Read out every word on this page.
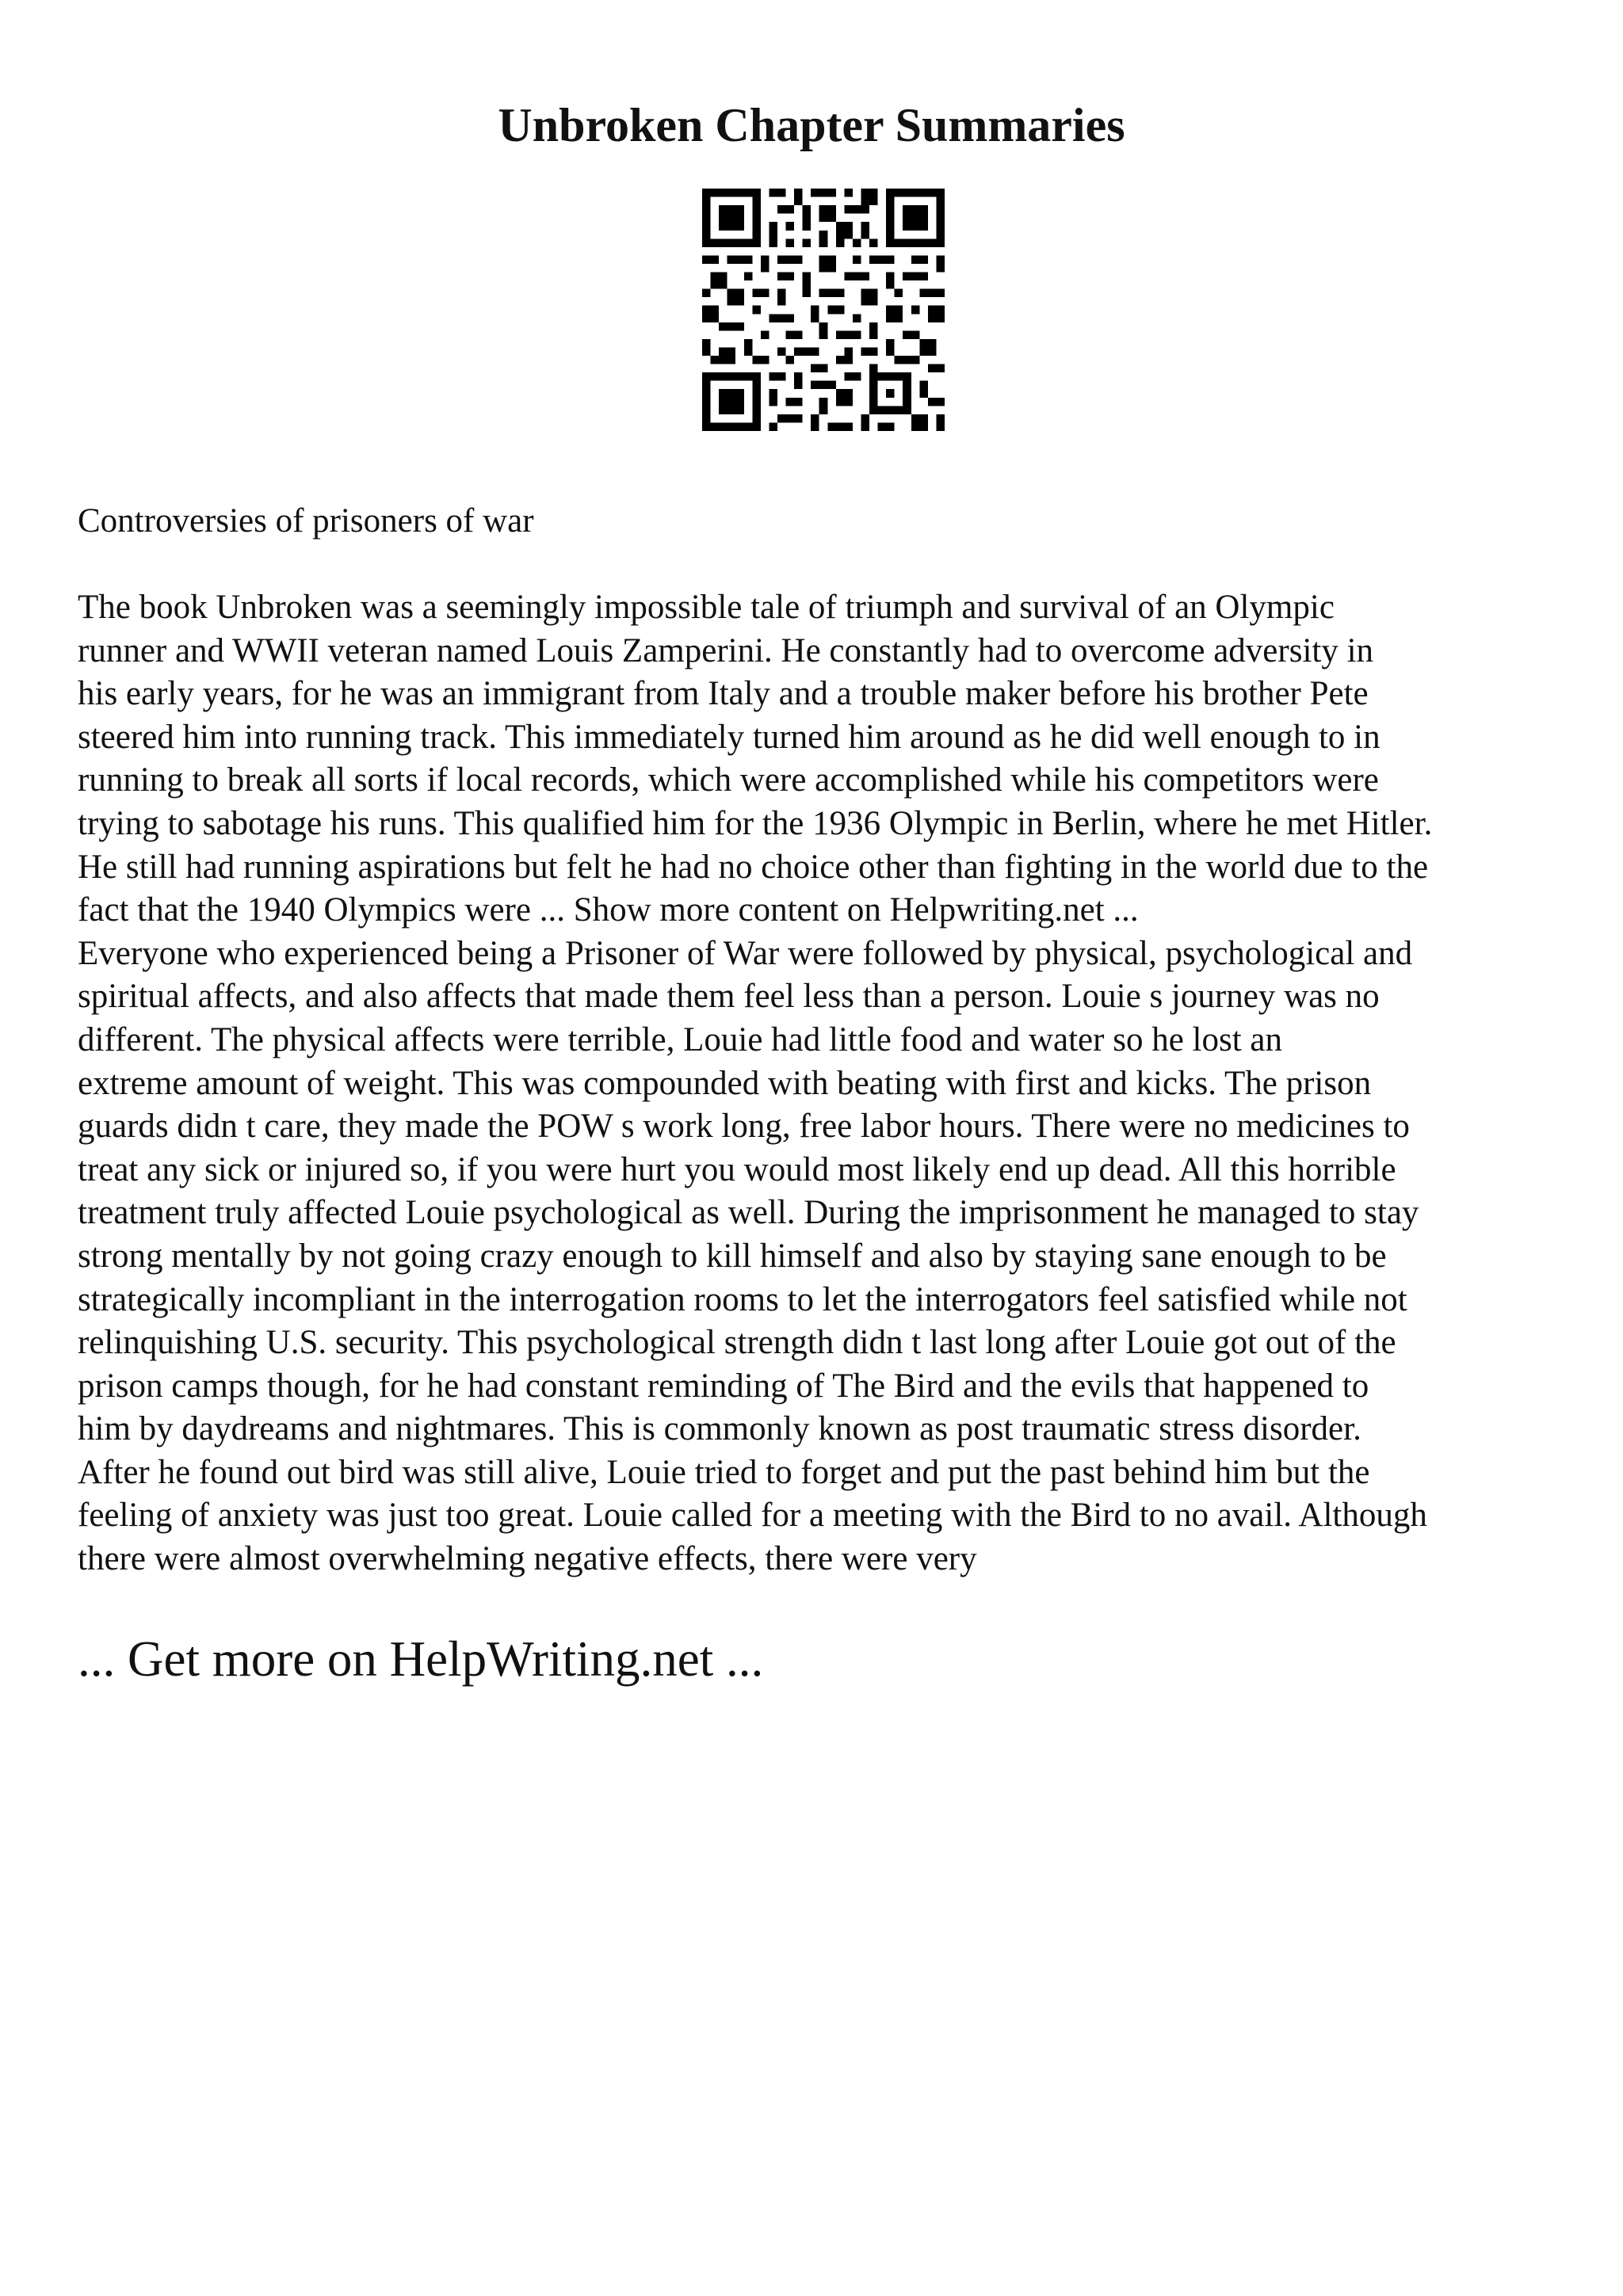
Unbroken Chapter Summaries

Controversies of prisoners of war

The book Unbroken was a seemingly impossible tale of triumph and survival of an Olympic
runner and WWII veteran named Louis Zamperini. He constantly had to overcome adversity in
his early years, for he was an immigrant from Italy and a trouble maker before his brother Pete
steered him into running track. This immediately turned him around as he did well enough to in
running to break all sorts if local records, which were accomplished while his competitors were
trying to sabotage his runs. This qualified him for the 1936 Olympic in Berlin, where he met Hitler.
He still had running aspirations but felt he had no choice other than fighting in the world due to the
fact that the 1940 Olympics were ... Show more content on Helpwriting.net ...
Everyone who experienced being a Prisoner of War were followed by physical, psychological and
spiritual affects, and also affects that made them feel less than a person. Louie s journey was no
different. The physical affects were terrible, Louie had little food and water so he lost an
extreme amount of weight. This was compounded with beating with first and kicks. The prison
guards didn t care, they made the POW s work long, free labor hours. There were no medicines to
treat any sick or injured so, if you were hurt you would most likely end up dead. All this horrible
treatment truly affected Louie psychological as well. During the imprisonment he managed to stay
strong mentally by not going crazy enough to kill himself and also by staying sane enough to be
strategically incompliant in the interrogation rooms to let the interrogators feel satisfied while not
relinquishing U.S. security. This psychological strength didn t last long after Louie got out of the
prison camps though, for he had constant reminding of The Bird and the evils that happened to
him by daydreams and nightmares. This is commonly known as post traumatic stress disorder.
After he found out bird was still alive, Louie tried to forget and put the past behind him but the
feeling of anxiety was just too great. Louie called for a meeting with the Bird to no avail. Although
there were almost overwhelming negative effects, there were very

... Get more on HelpWriting.net ...
